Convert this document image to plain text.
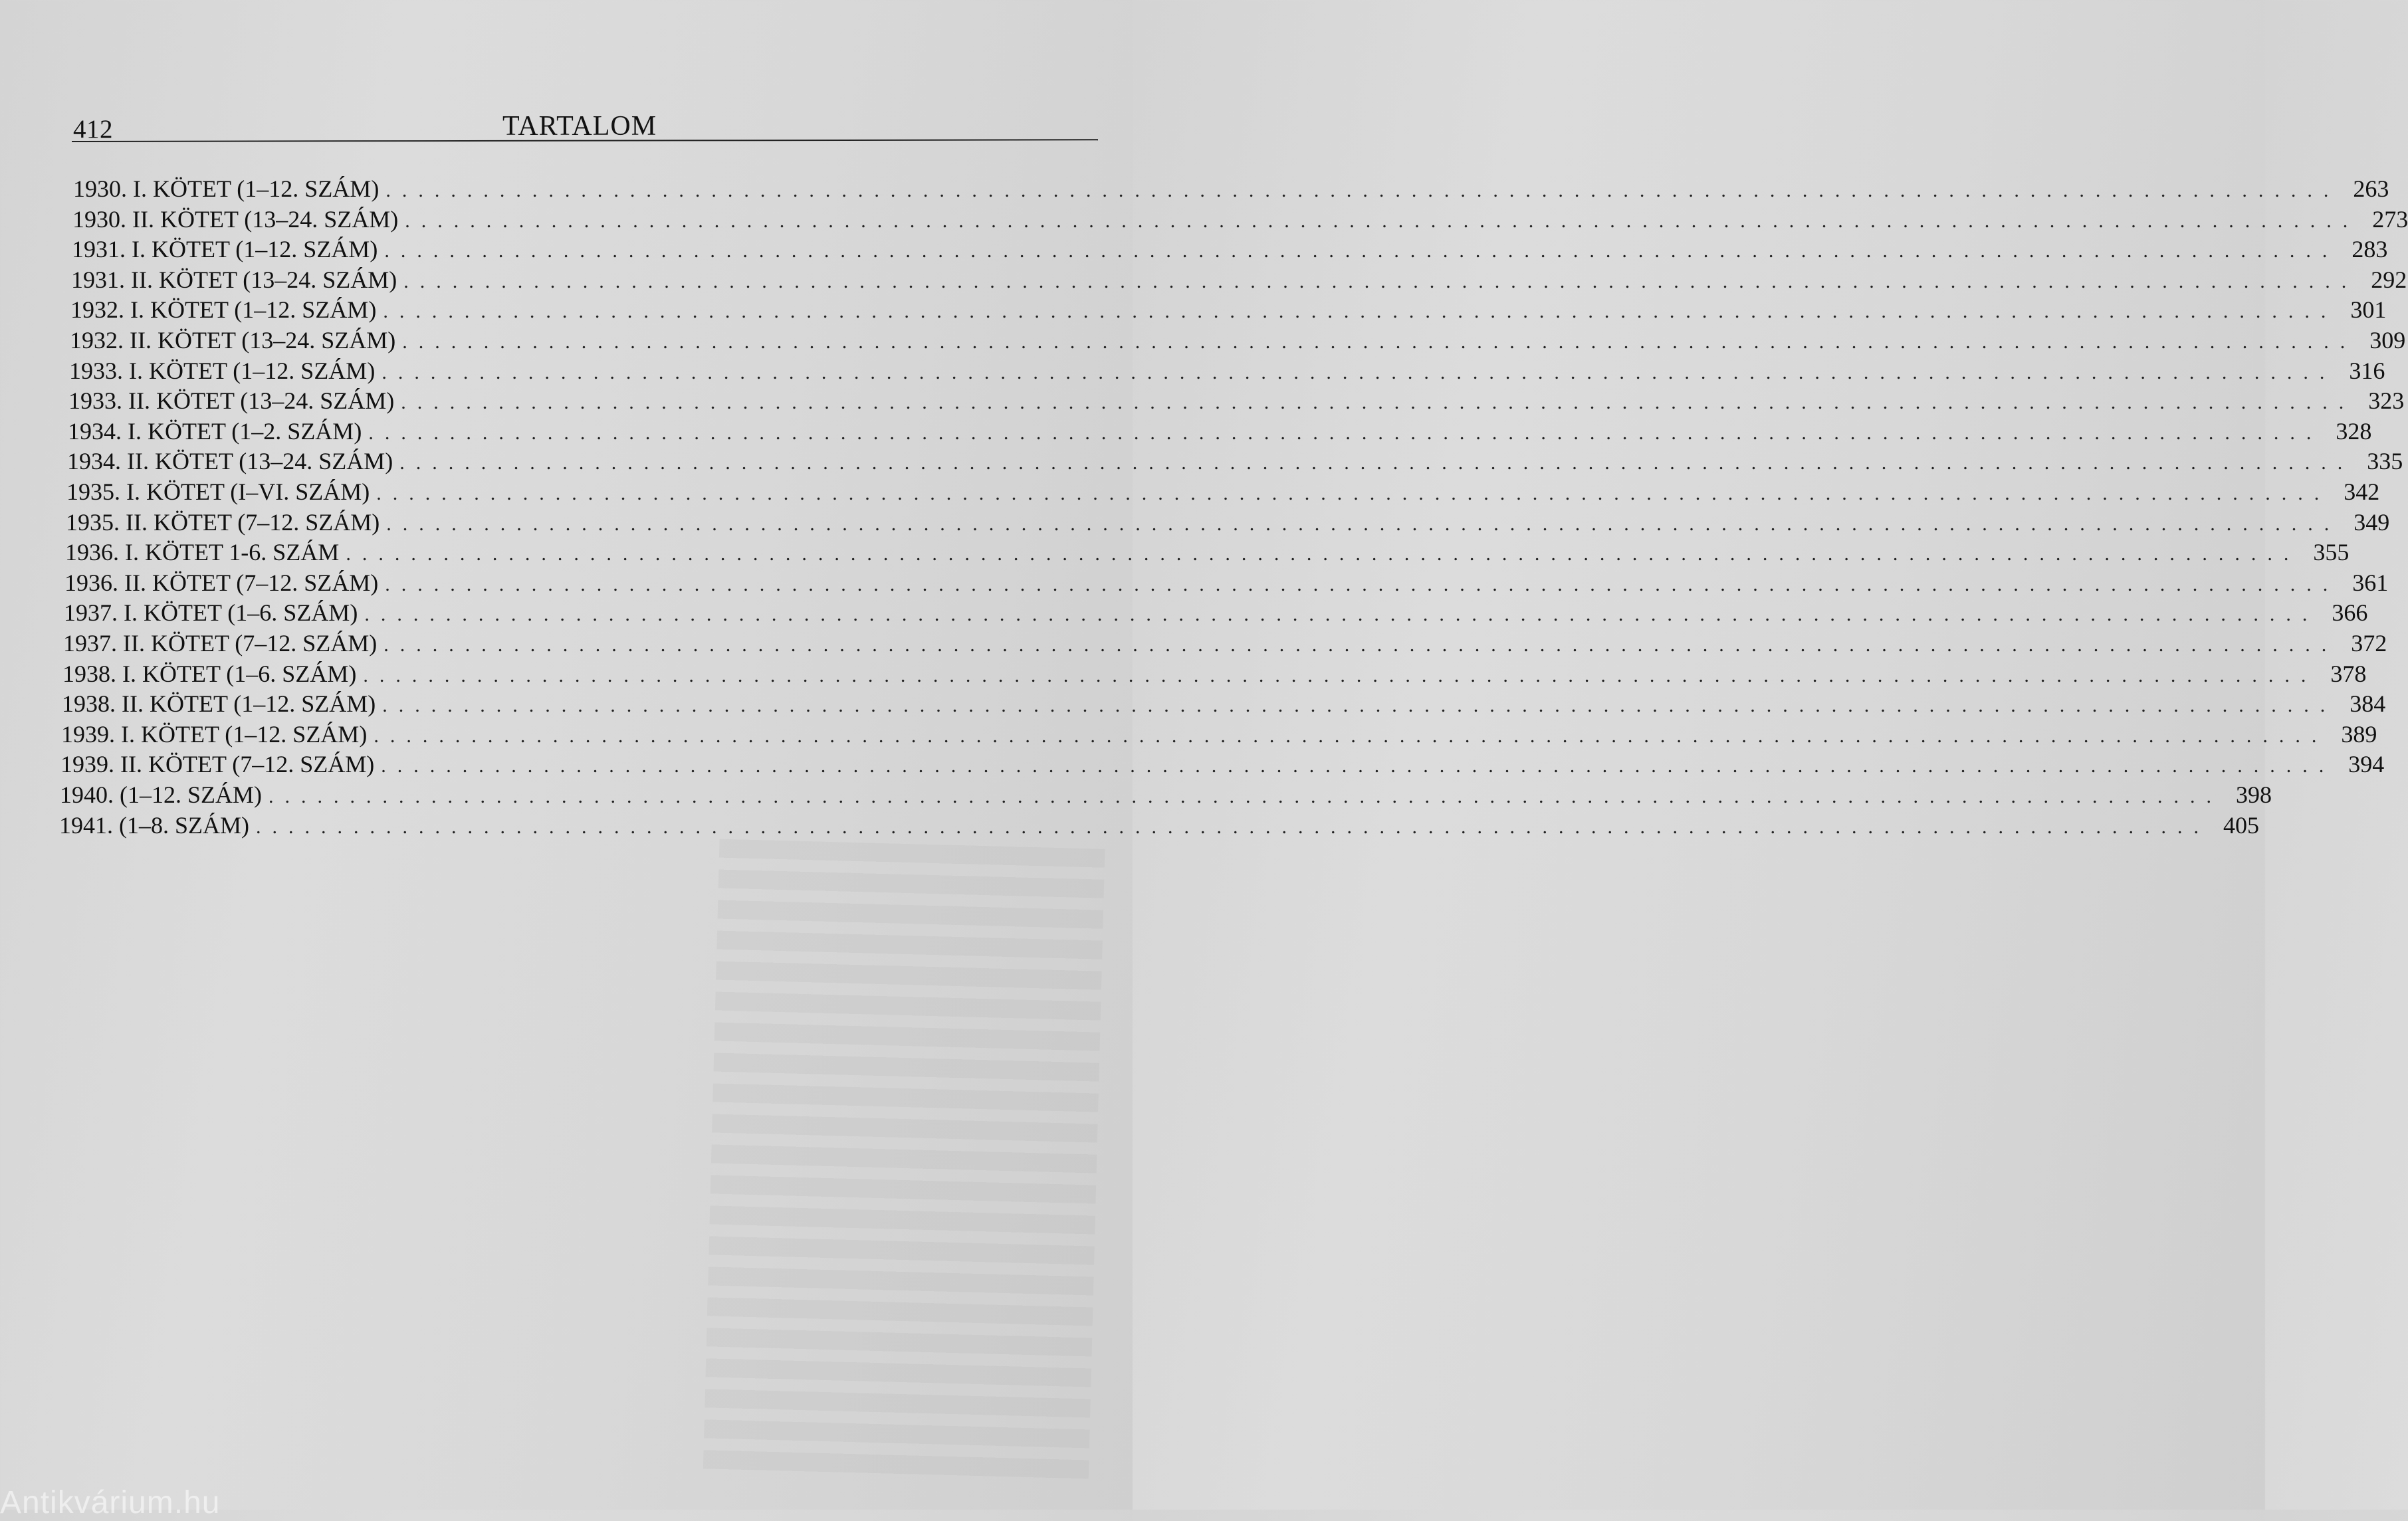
412	TARTALOM
1930. I. KÖTET (1–12. SZÁM) ........................................................................................................................ 263
1930. II. KÖTET (13–24. SZÁM) ........................................................................................................................ 273
1931. I. KÖTET (1–12. SZÁM) ........................................................................................................................ 283
1931. II. KÖTET (13–24. SZÁM) ........................................................................................................................ 292
1932. I. KÖTET (1–12. SZÁM) ........................................................................................................................ 301
1932. II. KÖTET (13–24. SZÁM) ........................................................................................................................ 309
1933. I. KÖTET (1–12. SZÁM) ........................................................................................................................ 316
1933. II. KÖTET (13–24. SZÁM) ........................................................................................................................ 323
1934. I. KÖTET (1–2. SZÁM) ........................................................................................................................ 328
1934. II. KÖTET (13–24. SZÁM) ........................................................................................................................ 335
1935. I. KÖTET (I–VI. SZÁM) ........................................................................................................................ 342
1935. II. KÖTET (7–12. SZÁM) ........................................................................................................................ 349
1936. I. KÖTET 1-6. SZÁM ........................................................................................................................ 355
1936. II. KÖTET (7–12. SZÁM) ........................................................................................................................ 361
1937. I. KÖTET (1–6. SZÁM) ........................................................................................................................ 366
1937. II. KÖTET (7–12. SZÁM) ........................................................................................................................ 372
1938. I. KÖTET (1–6. SZÁM) ........................................................................................................................ 378
1938. II. KÖTET (1–12. SZÁM) ........................................................................................................................ 384
1939. I. KÖTET (1–12. SZÁM) ........................................................................................................................ 389
1939. II. KÖTET (7–12. SZÁM) ........................................................................................................................ 394
1940. (1–12. SZÁM) ........................................................................................................................ 398
1941. (1–8. SZÁM) ........................................................................................................................ 405
Antikvárium.hu
